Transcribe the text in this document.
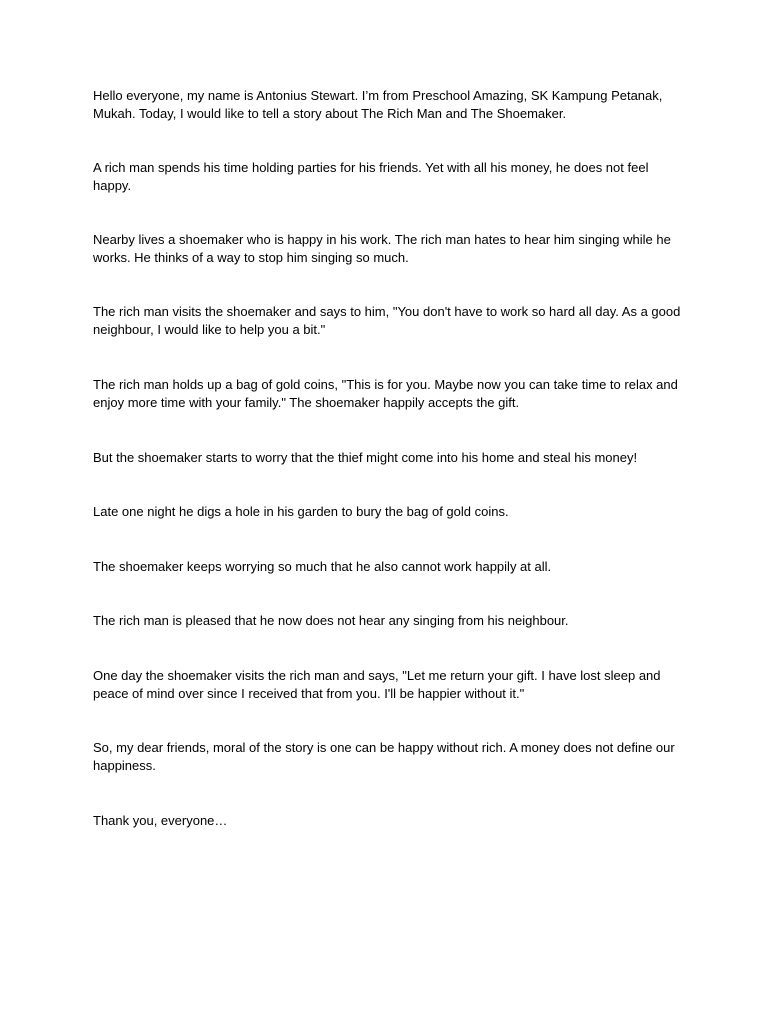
Hello everyone, my name is Antonius Stewart. I’m from Preschool Amazing, SK Kampung Petanak, Mukah. Today, I would like to tell a story about The Rich Man and The Shoemaker.

A rich man spends his time holding parties for his friends. Yet with all his money, he does not feel happy.

Nearby lives a shoemaker who is happy in his work. The rich man hates to hear him singing while he works. He thinks of a way to stop him singing so much.

The rich man visits the shoemaker and says to him, "You don't have to work so hard all day. As a good neighbour, I would like to help you a bit."

The rich man holds up a bag of gold coins, "This is for you. Maybe now you can take time to relax and enjoy more time with your family." The shoemaker happily accepts the gift.

But the shoemaker starts to worry that the thief might come into his home and steal his money!

Late one night he digs a hole in his garden to bury the bag of gold coins.

The shoemaker keeps worrying so much that he also cannot work happily at all.

The rich man is pleased that he now does not hear any singing from his neighbour.

One day the shoemaker visits the rich man and says, "Let me return your gift. I have lost sleep and peace of mind over since I received that from you. I'll be happier without it."

So, my dear friends, moral of the story is one can be happy without rich. A money does not define our happiness.

Thank you, everyone…
